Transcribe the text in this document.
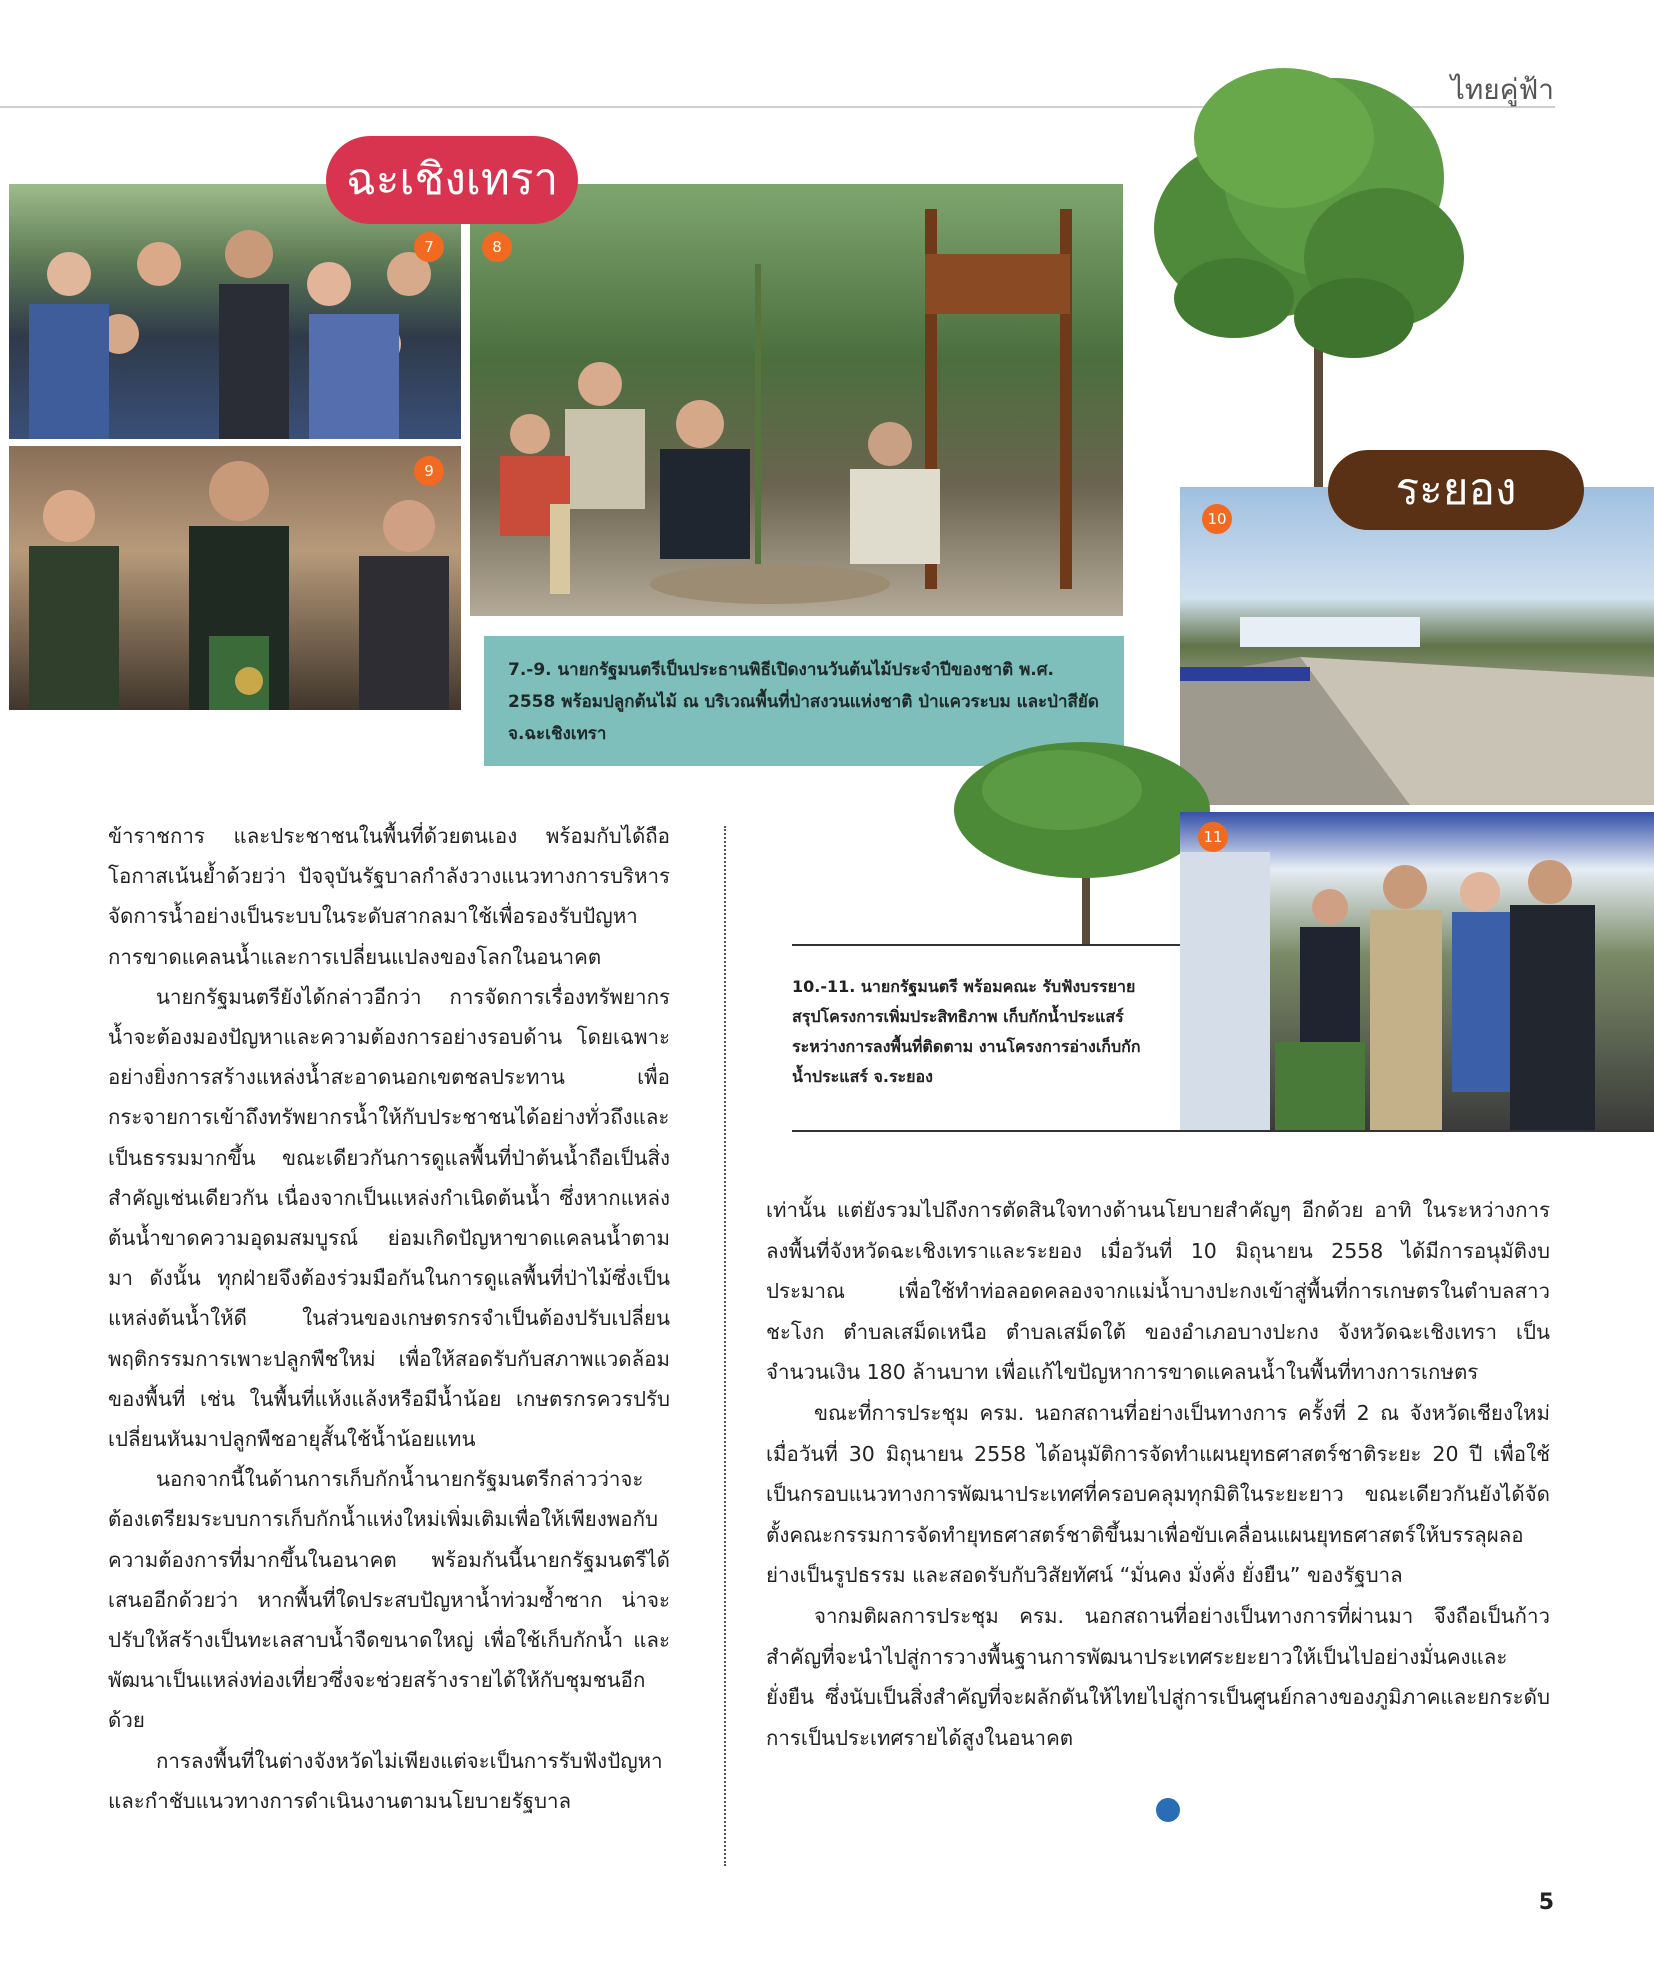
ไทยคู่ฟ้า
7
9
8
ฉะเชิงเทรา

7.-9. นายกรัฐมนตรีเป็นประธานพิธีเปิดงานวันต้นไม้ประจำปีของชาติ พ.ศ. 2558 พร้อมปลูกต้นไม้ ณ บริเวณพื้นที่ป่าสงวนแห่งชาติ ป่าแควระบม และป่าสียัด จ.ฉะเชิงเทรา

10
ระยอง
11
10.-11. นายกรัฐมนตรี พร้อมคณะ รับฟังบรรยายสรุปโครงการเพิ่มประสิทธิภาพ เก็บกักน้ำประแสร์ ระหว่างการลงพื้นที่ติดตาม งานโครงการอ่างเก็บกักน้ำประแสร์ จ.ระยอง

ข้าราชการ และประชาชนในพื้นที่ด้วยตนเอง พร้อมกับได้ถือโอกาสเน้นย้ำด้วยว่า ปัจจุบันรัฐบาลกำลังวางแนวทางการบริหารจัดการน้ำอย่างเป็นระบบในระดับสากลมาใช้เพื่อรองรับปัญหาการขาดแคลนน้ำและการเปลี่ยนแปลงของโลกในอนาคต

นายกรัฐมนตรียังได้กล่าวอีกว่า การจัดการเรื่องทรัพยากรน้ำจะต้องมองปัญหาและความต้องการอย่างรอบด้าน โดยเฉพาะอย่างยิ่งการสร้างแหล่งน้ำสะอาดนอกเขตชลประทาน เพื่อกระจายการเข้าถึงทรัพยากรน้ำให้กับประชาชนได้อย่างทั่วถึงและเป็นธรรมมากขึ้น ขณะเดียวกันการดูแลพื้นที่ป่าต้นน้ำถือเป็นสิ่งสำคัญเช่นเดียวกัน เนื่องจากเป็นแหล่งกำเนิดต้นน้ำ ซึ่งหากแหล่งต้นน้ำขาดความอุดมสมบูรณ์ ย่อมเกิดปัญหาขาดแคลนน้ำตามมา ดังนั้น ทุกฝ่ายจึงต้องร่วมมือกันในการดูแลพื้นที่ป่าไม้ซึ่งเป็นแหล่งต้นน้ำให้ดี ในส่วนของเกษตรกรจำเป็นต้องปรับเปลี่ยนพฤติกรรมการเพาะปลูกพืชใหม่ เพื่อให้สอดรับกับสภาพแวดล้อมของพื้นที่ เช่น ในพื้นที่แห้งแล้งหรือมีน้ำน้อย เกษตรกรควรปรับเปลี่ยนหันมาปลูกพืชอายุสั้นใช้น้ำน้อยแทน

นอกจากนี้ในด้านการเก็บกักน้ำนายกรัฐมนตรีกล่าวว่าจะต้องเตรียมระบบการเก็บกักน้ำแห่งใหม่เพิ่มเติมเพื่อให้เพียงพอกับความต้องการที่มากขึ้นในอนาคต พร้อมกันนี้นายกรัฐมนตรีได้เสนออีกด้วยว่า หากพื้นที่ใดประสบปัญหาน้ำท่วมซ้ำซาก น่าจะปรับให้สร้างเป็นทะเลสาบน้ำจืดขนาดใหญ่ เพื่อใช้เก็บกักน้ำ และพัฒนาเป็นแหล่งท่องเที่ยวซึ่งจะช่วยสร้างรายได้ให้กับชุมชนอีกด้วย

การลงพื้นที่ในต่างจังหวัดไม่เพียงแต่จะเป็นการรับฟังปัญหาและกำชับแนวทางการดำเนินงานตามนโยบายรัฐบาล

เท่านั้น แต่ยังรวมไปถึงการตัดสินใจทางด้านนโยบายสำคัญๆ อีกด้วย อาทิ ในระหว่างการลงพื้นที่จังหวัดฉะเชิงเทราและระยอง เมื่อวันที่ 10 มิถุนายน 2558 ได้มีการอนุมัติงบประมาณ เพื่อใช้ทำท่อลอดคลองจากแม่น้ำบางปะกงเข้าสู่พื้นที่การเกษตรในตำบลสาวชะโงก ตำบลเสม็ดเหนือ ตำบลเสม็ดใต้ ของอำเภอบางปะกง จังหวัดฉะเชิงเทรา เป็นจำนวนเงิน 180 ล้านบาท เพื่อแก้ไขปัญหาการขาดแคลนน้ำในพื้นที่ทางการเกษตร

ขณะที่การประชุม ครม. นอกสถานที่อย่างเป็นทางการ ครั้งที่ 2 ณ จังหวัดเชียงใหม่ เมื่อวันที่ 30 มิถุนายน 2558 ได้อนุมัติการจัดทำแผนยุทธศาสตร์ชาติระยะ 20 ปี เพื่อใช้เป็นกรอบแนวทางการพัฒนาประเทศที่ครอบคลุมทุกมิติในระยะยาว ขณะเดียวกันยังได้จัดตั้งคณะกรรมการจัดทำยุทธศาสตร์ชาติขึ้นมาเพื่อขับเคลื่อนแผนยุทธศาสตร์ให้บรรลุผลอย่างเป็นรูปธรรม และสอดรับกับวิสัยทัศน์ “มั่นคง มั่งคั่ง ยั่งยืน” ของรัฐบาล

จากมติผลการประชุม ครม. นอกสถานที่อย่างเป็นทางการที่ผ่านมา จึงถือเป็นก้าวสำคัญที่จะนำไปสู่การวางพื้นฐานการพัฒนาประเทศระยะยาวให้เป็นไปอย่างมั่นคงและยั่งยืน ซึ่งนับเป็นสิ่งสำคัญที่จะผลักดันให้ไทยไปสู่การเป็นศูนย์กลางของภูมิภาคและยกระดับการเป็นประเทศรายได้สูงในอนาคต

5
